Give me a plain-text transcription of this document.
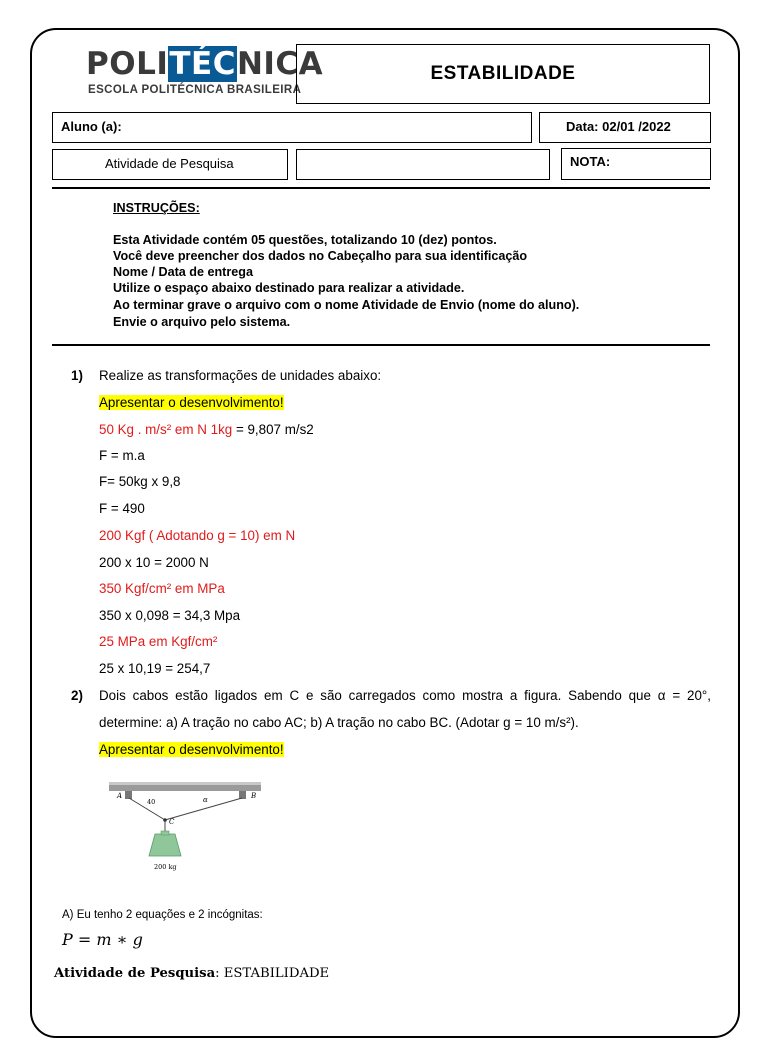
POLITÉCNICA
ESCOLA POLITÉCNICA BRASILEIRA
ESTABILIDADE
Aluno (a):	Data: 02/01 /2022
Atividade de Pesquisa	NOTA:
INSTRUÇÕES:
Esta Atividade contém 05 questões, totalizando 10 (dez) pontos.
Você deve preencher dos dados no Cabeçalho para sua identificação
Nome / Data de entrega
Utilize o espaço abaixo destinado para realizar a atividade.
Ao terminar grave o arquivo com o nome Atividade de Envio (nome do aluno).
Envie o arquivo pelo sistema.
1) Realize as transformações de unidades abaixo:
Apresentar o desenvolvimento!
50 Kg . m/s² em N 1kg = 9,807 m/s2
F = m.a
F= 50kg x 9,8
F = 490
200 Kgf ( Adotando g = 10) em N
200 x 10 = 2000 N
350 Kgf/cm² em MPa
350 x 0,098 = 34,3 Mpa
25 MPa em Kgf/cm²
25 x 10,19 = 254,7
2) Dois cabos estão ligados em C e são carregados como mostra a figura. Sabendo que α = 20°, determine: a) A tração no cabo AC; b) A tração no cabo BC. (Adotar g = 10 m/s²).
Apresentar o desenvolvimento!
A	B
C
40	α
200 kg
A) Eu tenho 2 equações e 2 incógnitas:
P = m ∗ g
Atividade de Pesquisa: ESTABILIDADE
